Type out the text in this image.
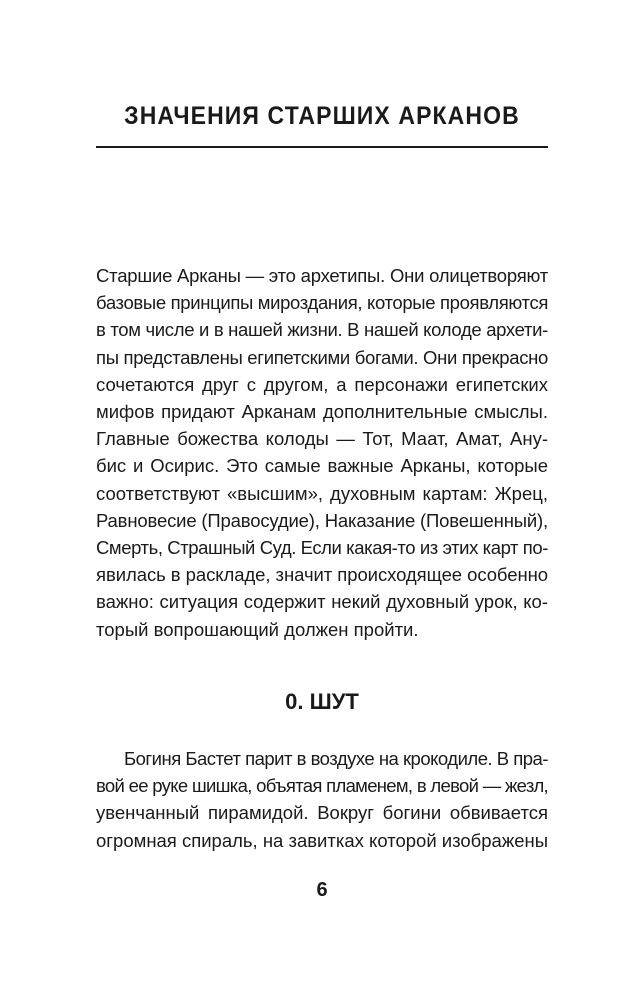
ЗНАЧЕНИЯ СТАРШИХ АРКАНОВ

Старшие Арканы — это архетипы. Они олицетворяют
базовые принципы мироздания, которые проявляются
в том числе и в нашей жизни. В нашей колоде архети-
пы представлены египетскими богами. Они прекрасно
сочетаются друг с другом, а персонажи египетских
мифов придают Арканам дополнительные смыслы.
Главные божества колоды — Тот, Маат, Амат, Ану-
бис и Осирис. Это самые важные Арканы, которые
соответствуют «высшим», духовным картам: Жрец,
Равновесие (Правосудие), Наказание (Повешенный),
Смерть, Страшный Суд. Если какая-то из этих карт по-
явилась в раскладе, значит происходящее особенно
важно: ситуация содержит некий духовный урок, ко-
торый вопрошающий должен пройти.

0. ШУТ

Богиня Бастет парит в воздухе на крокодиле. В пра-
вой ее руке шишка, объятая пламенем, в левой — жезл,
увенчанный пирамидой. Вокруг богини обвивается
огромная спираль, на завитках которой изображены

6
